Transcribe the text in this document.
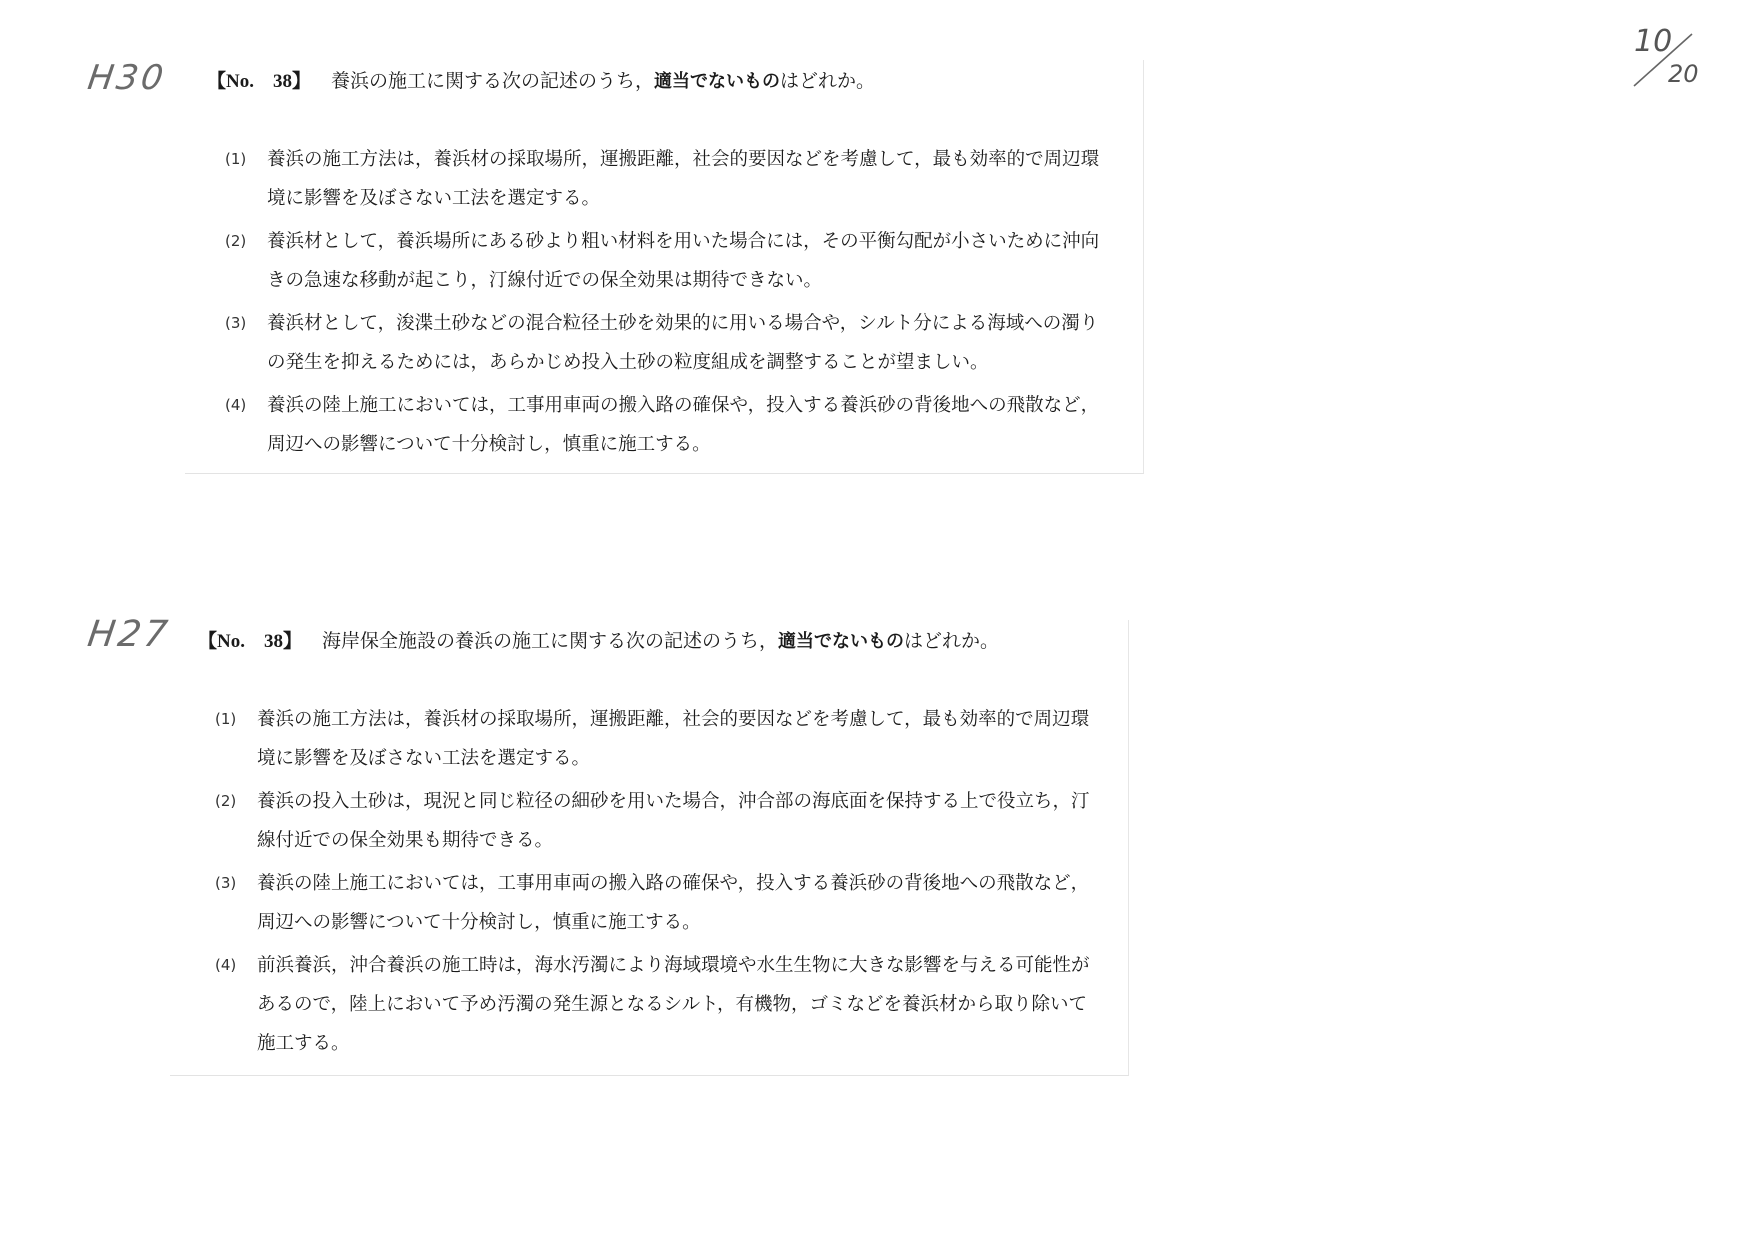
H30
H27
10
20
【No.　38】 養浜の施工に関する次の記述のうち，適当でないものはどれか。
(1) 養浜の施工方法は，養浜材の採取場所，運搬距離，社会的要因などを考慮して，最も効率的で周辺環境に影響を及ぼさない工法を選定する。
(2) 養浜材として，養浜場所にある砂より粗い材料を用いた場合には，その平衡勾配が小さいために沖向きの急速な移動が起こり，汀線付近での保全効果は期待できない。
(3) 養浜材として，浚渫土砂などの混合粒径土砂を効果的に用いる場合や，シルト分による海域への濁りの発生を抑えるためには，あらかじめ投入土砂の粒度組成を調整することが望ましい。
(4) 養浜の陸上施工においては，工事用車両の搬入路の確保や，投入する養浜砂の背後地への飛散など，周辺への影響について十分検討し，慎重に施工する。
【No.　38】 海岸保全施設の養浜の施工に関する次の記述のうち，適当でないものはどれか。
(1) 養浜の施工方法は，養浜材の採取場所，運搬距離，社会的要因などを考慮して，最も効率的で周辺環境に影響を及ぼさない工法を選定する。
(2) 養浜の投入土砂は，現況と同じ粒径の細砂を用いた場合，沖合部の海底面を保持する上で役立ち，汀線付近での保全効果も期待できる。
(3) 養浜の陸上施工においては，工事用車両の搬入路の確保や，投入する養浜砂の背後地への飛散など，周辺への影響について十分検討し，慎重に施工する。
(4) 前浜養浜，沖合養浜の施工時は，海水汚濁により海域環境や水生生物に大きな影響を与える可能性があるので，陸上において予め汚濁の発生源となるシルト，有機物，ゴミなどを養浜材から取り除いて施工する。
